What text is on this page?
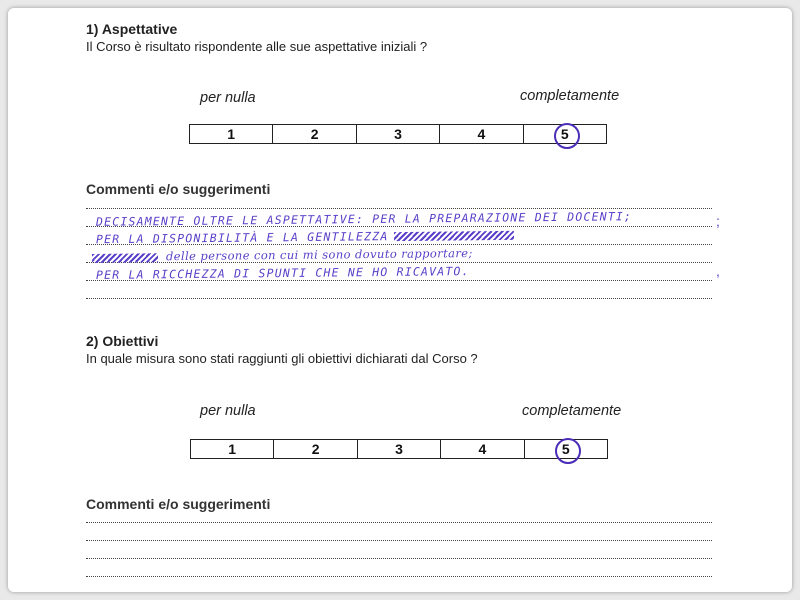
1) Aspettative
Il Corso è risultato rispondente alle sue aspettative iniziali ?
per nulla	completamente
1	2	3	4	5
Commenti e/o suggerimenti
DECISAMENTE OLTRE LE ASPETTATIVE: PER LA PREPARAZIONE DEI DOCENTI;
PER LA DISPONIBILITÀ E LA GENTILEZZA
delle persone con cui mi sono dovuto rapportare;
PER LA RICCHEZZA DI SPUNTI CHE NE HO RICAVATO.
;
,
2) Obiettivi
In quale misura sono stati raggiunti gli obiettivi dichiarati dal Corso ?
per nulla	completamente
1	2	3	4	5
Commenti e/o suggerimenti
